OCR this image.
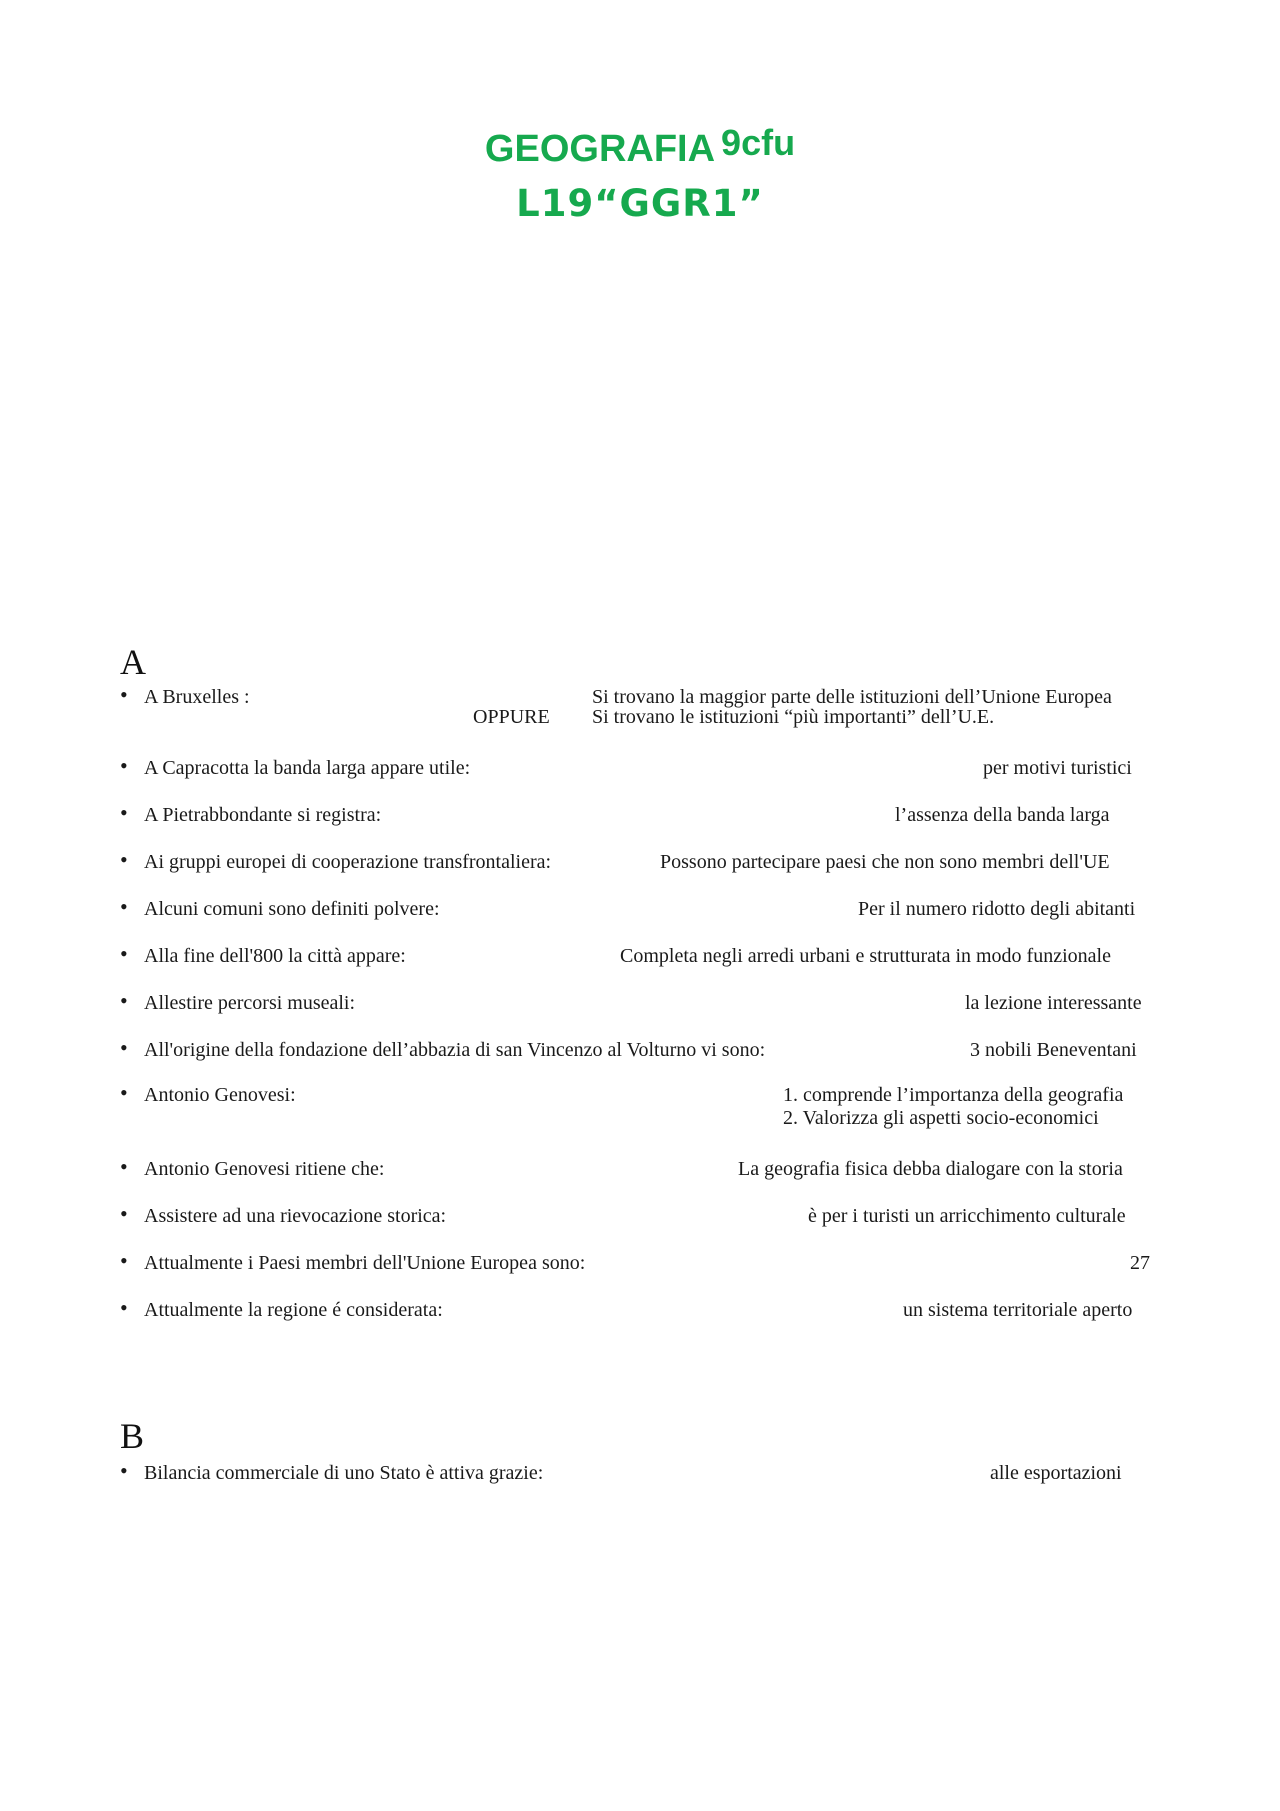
GEOGRAFIA 9cfu
L19“GGR1”
A
• A Bruxelles :	Si trovano la maggior parte delle istituzioni dell’Unione Europea
OPPURE Si trovano le istituzioni “più importanti” dell’U.E.
• A Capracotta la banda larga appare utile:	per motivi turistici
• A Pietrabbondante si registra:	l’assenza della banda larga
• Ai gruppi europei di cooperazione transfrontaliera:	Possono partecipare paesi che non sono membri dell'UE
• Alcuni comuni sono definiti polvere:	Per il numero ridotto degli abitanti
• Alla fine dell'800 la città appare:	Completa negli arredi urbani e strutturata in modo funzionale
• Allestire percorsi museali:	la lezione interessante
• All'origine della fondazione dell’abbazia di san Vincenzo al Volturno vi sono:	3 nobili Beneventani
• Antonio Genovesi:	1. comprende l’importanza della geografia
2. Valorizza gli aspetti socio-economici
• Antonio Genovesi ritiene che:	La geografia fisica debba dialogare con la storia
• Assistere ad una rievocazione storica:	è per i turisti un arricchimento culturale
• Attualmente i Paesi membri dell'Unione Europea sono:	27
• Attualmente la regione é considerata:	un sistema territoriale aperto
B
• Bilancia commerciale di uno Stato è attiva grazie:	alle esportazioni
